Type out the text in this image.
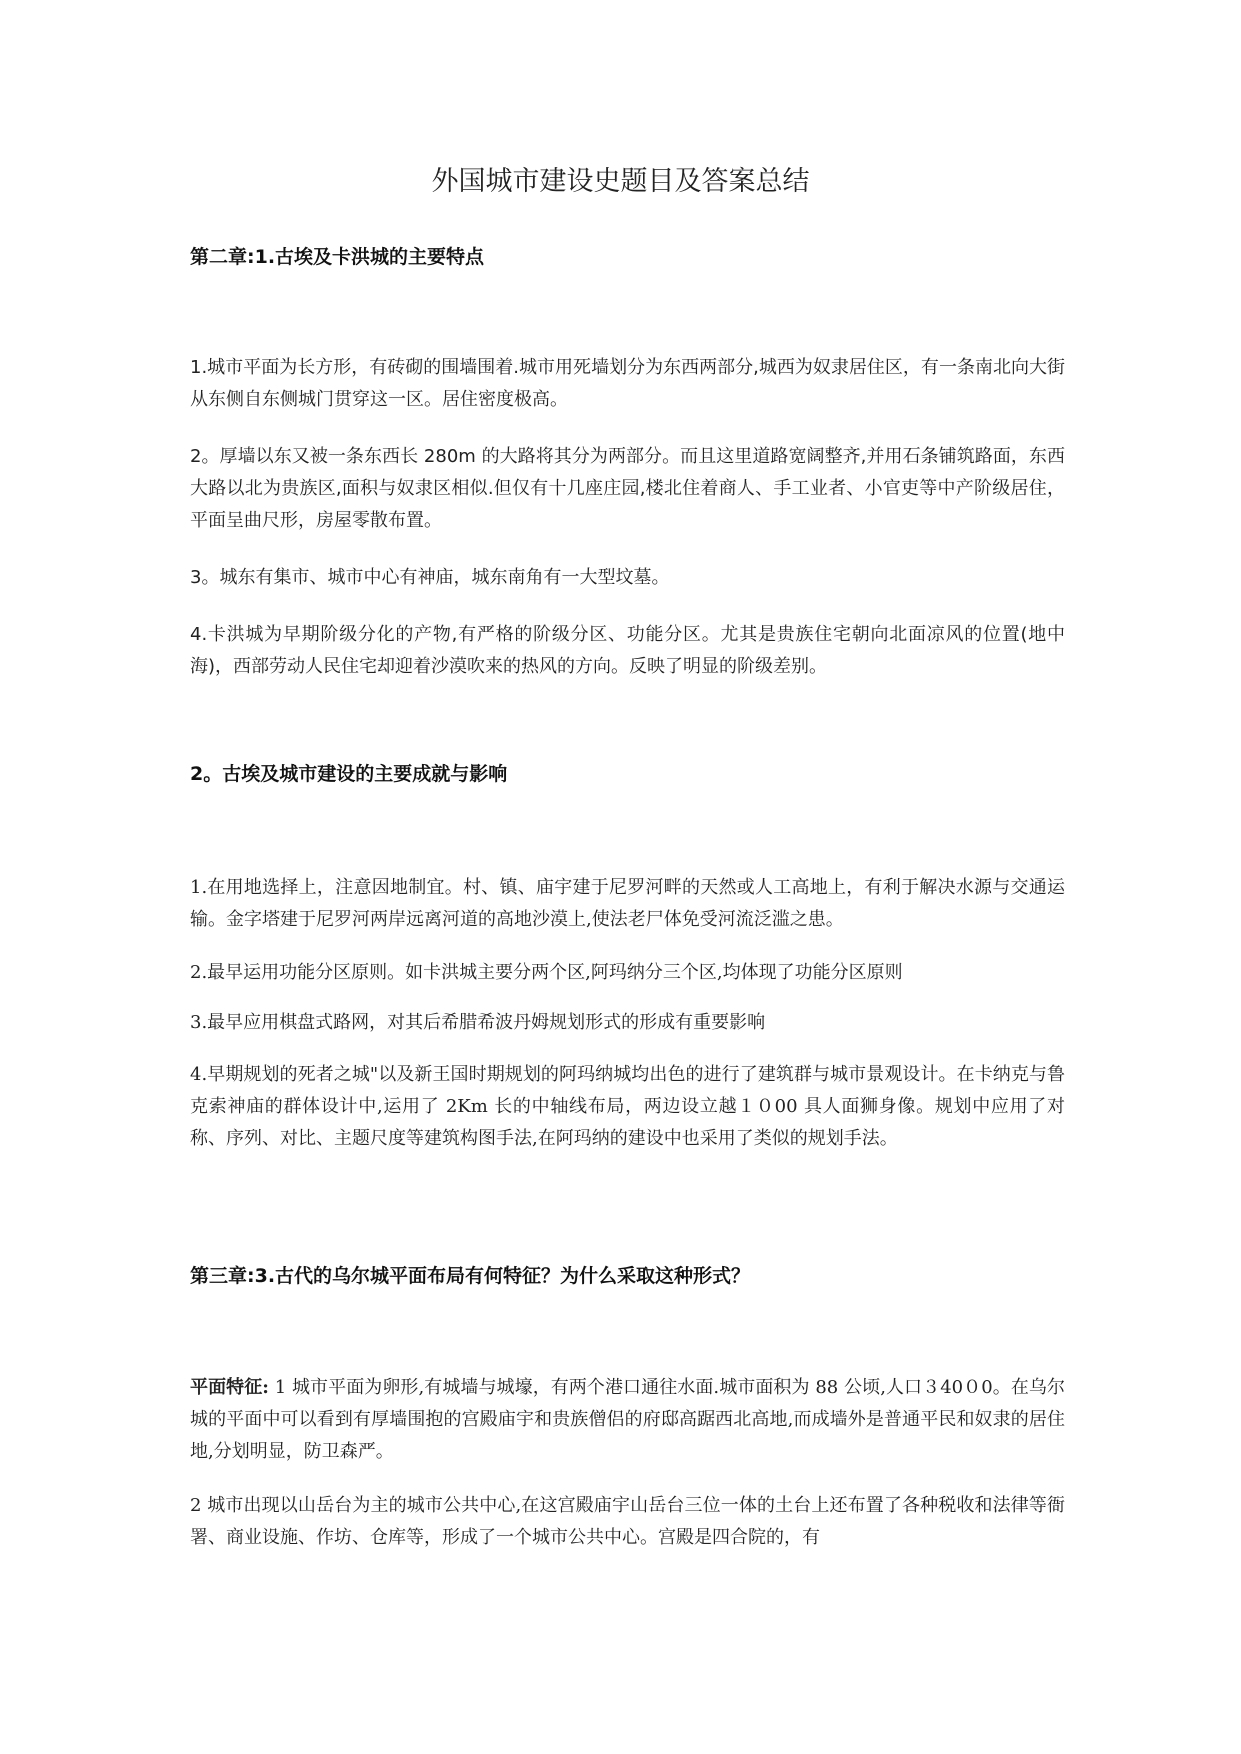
外国城市建设史题目及答案总结
第二章:1.古埃及卡洪城的主要特点
1.城市平面为长方形，有砖砌的围墙围着.城市用死墙划分为东西两部分,城西为奴隶居住区，有一条南北向大街从东侧自东侧城门贯穿这一区。居住密度极高。
2。厚墙以东又被一条东西长 280m 的大路将其分为两部分。而且这里道路宽阔整齐,并用石条铺筑路面，东西大路以北为贵族区,面积与奴隶区相似.但仅有十几座庄园,楼北住着商人、手工业者、小官吏等中产阶级居住，平面呈曲尺形，房屋零散布置。
3。城东有集市、城市中心有神庙，城东南角有一大型坟墓。
4.卡洪城为早期阶级分化的产物,有严格的阶级分区、功能分区。尤其是贵族住宅朝向北面凉风的位置(地中海)，西部劳动人民住宅却迎着沙漠吹来的热风的方向。反映了明显的阶级差别。
2。古埃及城市建设的主要成就与影响
1.在用地选择上，注意因地制宜。村、镇、庙宇建于尼罗河畔的天然或人工高地上，有利于解决水源与交通运输。金字塔建于尼罗河两岸远离河道的高地沙漠上,使法老尸体免受河流泛滥之患。
2.最早运用功能分区原则。如卡洪城主要分两个区,阿玛纳分三个区,均体现了功能分区原则
3.最早应用棋盘式路网，对其后希腊希波丹姆规划形式的形成有重要影响
4.早期规划的死者之城"以及新王国时期规划的阿玛纳城均出色的进行了建筑群与城市景观设计。在卡纳克与鲁克索神庙的群体设计中,运用了 2Km 长的中轴线布局，两边设立越１０00 具人面狮身像。规划中应用了对称、序列、对比、主题尺度等建筑构图手法,在阿玛纳的建设中也采用了类似的规划手法。
第三章:3.古代的乌尔城平面布局有何特征？为什么采取这种形式？
平面特征: 1 城市平面为卵形,有城墙与城壕，有两个港口通往水面.城市面积为 88 公顷,人口３40０0。在乌尔城的平面中可以看到有厚墙围抱的宫殿庙宇和贵族僧侣的府邸高踞西北高地,而成墙外是普通平民和奴隶的居住地,分划明显，防卫森严。
2 城市出现以山岳台为主的城市公共中心,在这宫殿庙宇山岳台三位一体的土台上还布置了各种税收和法律等衙署、商业设施、作坊、仓库等，形成了一个城市公共中心。宫殿是四合院的，有
